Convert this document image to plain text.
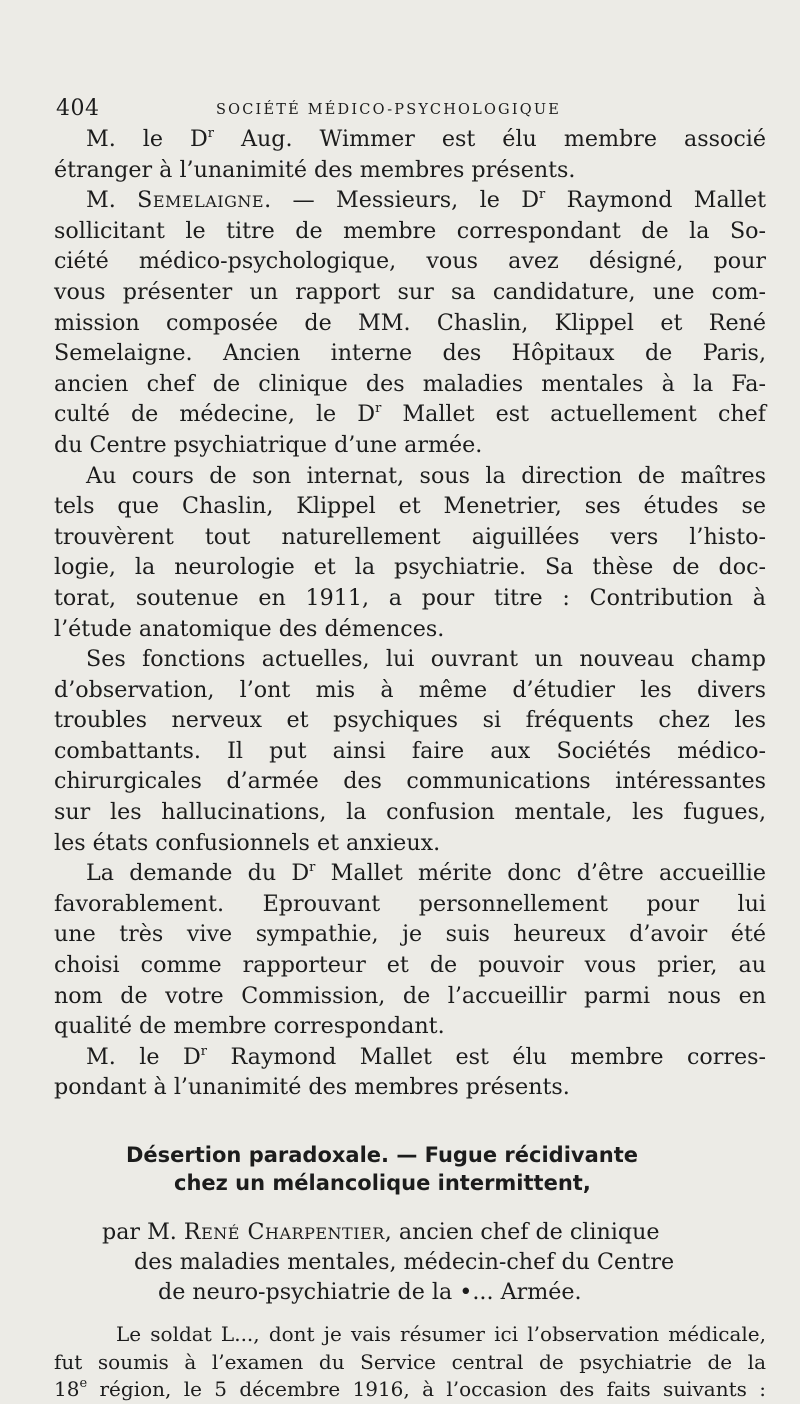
404	SOCIÉTÉ MÉDICO-PSYCHOLOGIQUE
M. le $D^r$ Aug. Wimmer est élu membre associé
étranger à l’unanimité des membres présents.
M. Semelaigne. — Messieurs, le $D^r$ Raymond Mallet
sollicitant le titre de membre correspondant de la So-
ciété médico-psychologique, vous avez désigné, pour
vous présenter un rapport sur sa candidature, une com-
mission composée de MM. Chaslin, Klippel et René
Semelaigne. Ancien interne des Hôpitaux de Paris,
ancien chef de clinique des maladies mentales à la Fa-
culté de médecine, le $D^r$ Mallet est actuellement chef
du Centre psychiatrique d’une armée.
Au cours de son internat, sous la direction de maîtres
tels que Chaslin, Klippel et Menetrier, ses études se
trouvèrent tout naturellement aiguillées vers l’histo-
logie, la neurologie et la psychiatrie. Sa thèse de doc-
torat, soutenue en 1911, a pour titre : Contribution à
l’étude anatomique des démences.
Ses fonctions actuelles, lui ouvrant un nouveau champ
d’observation, l’ont mis à même d’étudier les divers
troubles nerveux et psychiques si fréquents chez les
combattants. Il put ainsi faire aux Sociétés médico-
chirurgicales d’armée des communications intéressantes
sur les hallucinations, la confusion mentale, les fugues,
les états confusionnels et anxieux.
La demande du $D^r$ Mallet mérite donc d’être accueillie
favorablement. Eprouvant personnellement pour lui
une très vive sympathie, je suis heureux d’avoir été
choisi comme rapporteur et de pouvoir vous prier, au
nom de votre Commission, de l’accueillir parmi nous en
qualité de membre correspondant.
M. le $D^r$ Raymond Mallet est élu membre corres-
pondant à l’unanimité des membres présents.
Désertion paradoxale. — Fugue récidivante
chez un mélancolique intermittent,
par M. René Charpentier, ancien chef de clinique
des maladies mentales, médecin-chef du Centre
de neuro-psychiatrie de la •... Armée.
Le soldat L..., dont je vais résumer ici l’observation médicale,
fut soumis à l’examen du Service central de psychiatrie de la
18e région, le 5 décembre 1916, à l’occasion des faits suivants :
